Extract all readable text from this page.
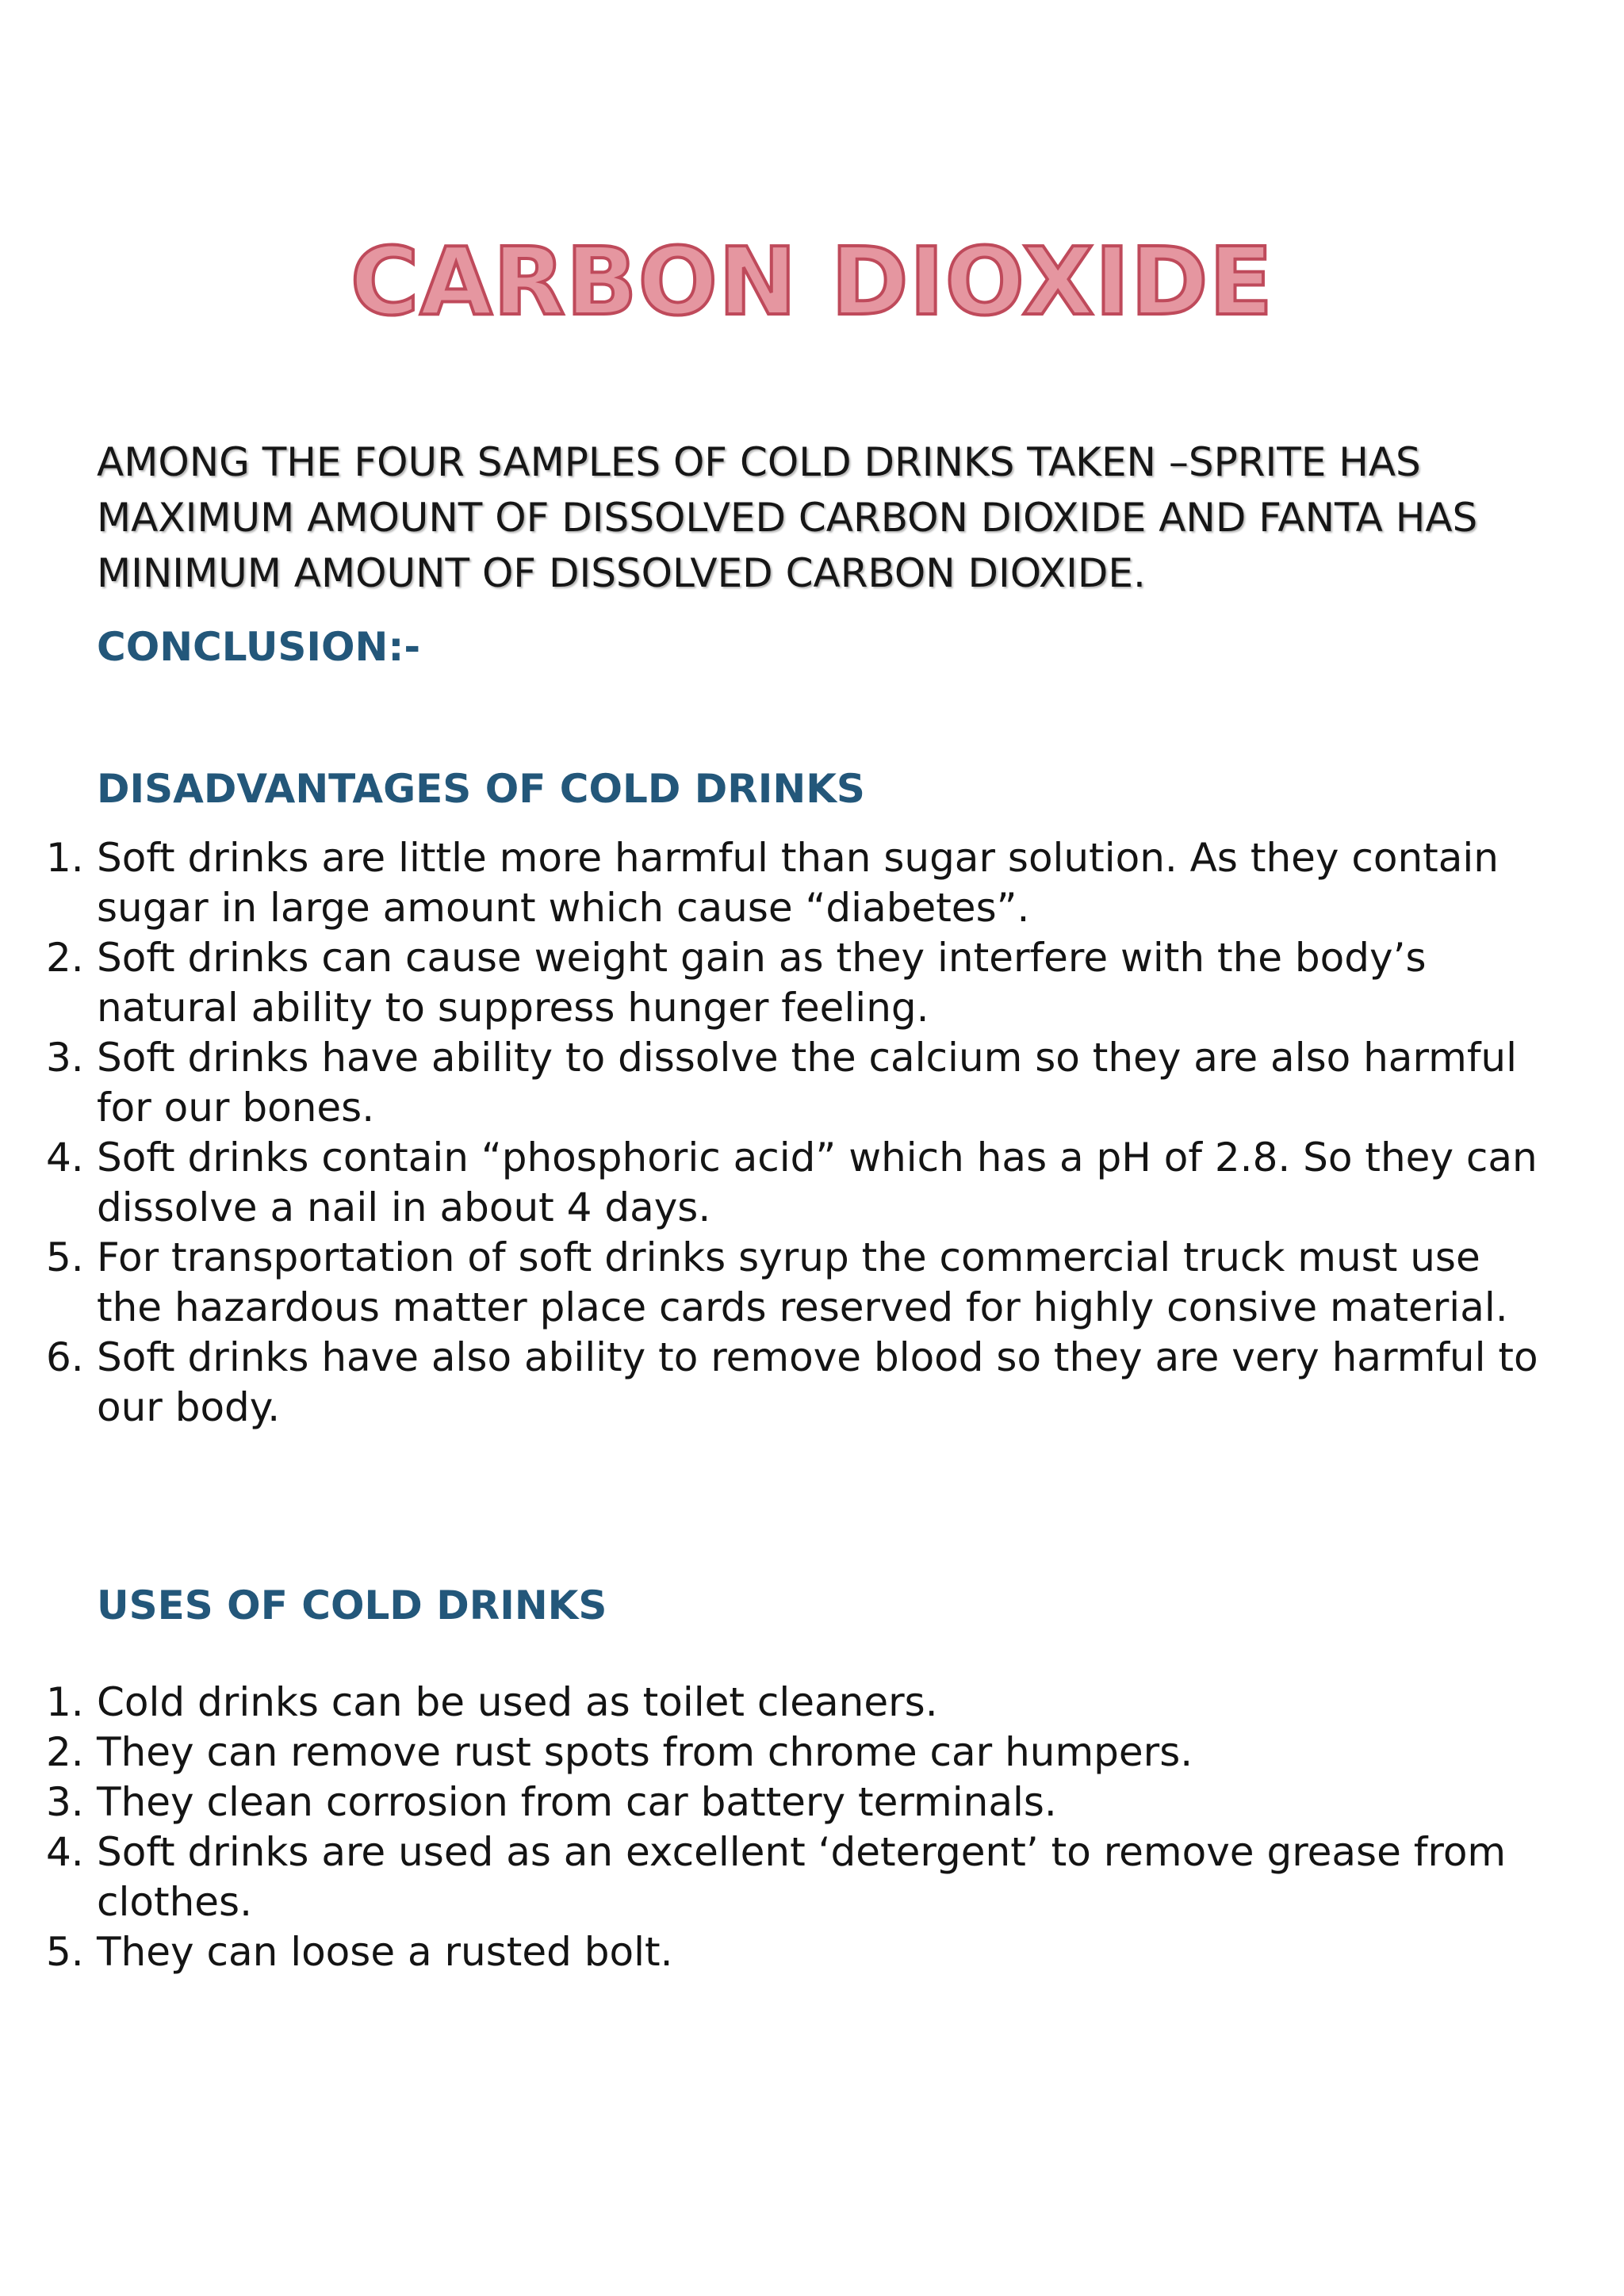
CARBON DIOXIDE

AMONG THE FOUR SAMPLES OF COLD DRINKS TAKEN –SPRITE HAS MAXIMUM AMOUNT OF DISSOLVED CARBON DIOXIDE AND FANTA HAS MINIMUM AMOUNT OF DISSOLVED CARBON DIOXIDE.

CONCLUSION:-
DISADVANTAGES OF COLD DRINKS
1. Soft drinks are little more harmful than sugar solution. As they contain sugar in large amount which cause “diabetes”.
2. Soft drinks can cause weight gain as they interfere with the body’s natural ability to suppress hunger feeling.
3. Soft drinks have ability to dissolve the calcium so they are also harmful for our bones.
4. Soft drinks contain “phosphoric acid” which has a pH of 2.8. So they can dissolve a nail in about 4 days.
5. For transportation of soft drinks syrup the commercial truck must use the hazardous matter place cards reserved for highly consive material.
6. Soft drinks have also ability to remove blood so they are very harmful to our body.
USES OF COLD DRINKS
1. Cold drinks can be used as toilet cleaners.
2. They can remove rust spots from chrome car humpers.
3. They clean corrosion from car battery terminals.
4. Soft drinks are used as an excellent ‘detergent’ to remove grease from clothes.
5. They can loose a rusted bolt.
